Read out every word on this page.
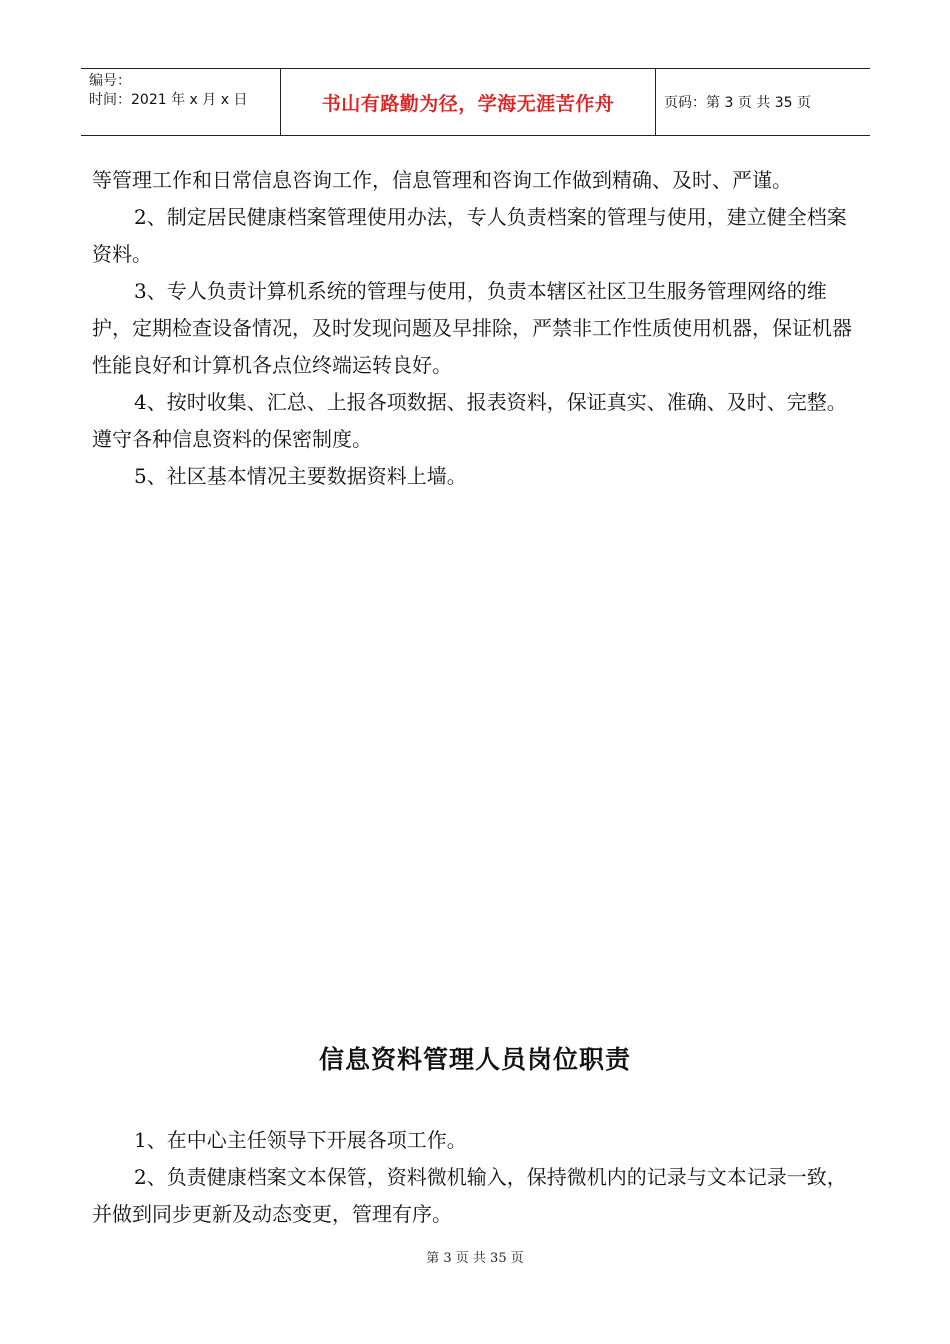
编号：
时间：2021 年 x 月 x 日	书山有路勤为径，学海无涯苦作舟	页码：第 3 页 共 35 页

等管理工作和日常信息咨询工作，信息管理和咨询工作做到精确、及时、严谨。

2、制定居民健康档案管理使用办法，专人负责档案的管理与使用，建立健全档案资料。

3、专人负责计算机系统的管理与使用，负责本辖区社区卫生服务管理网络的维护，定期检查设备情况，及时发现问题及早排除，严禁非工作性质使用机器，保证机器性能良好和计算机各点位终端运转良好。

4、按时收集、汇总、上报各项数据、报表资料，保证真实、准确、及时、完整。遵守各种信息资料的保密制度。

5、社区基本情况主要数据资料上墙。

信息资料管理人员岗位职责

1、在中心主任领导下开展各项工作。

2、负责健康档案文本保管，资料微机输入，保持微机内的记录与文本记录一致，并做到同步更新及动态变更，管理有序。

第 3 页 共 35 页
